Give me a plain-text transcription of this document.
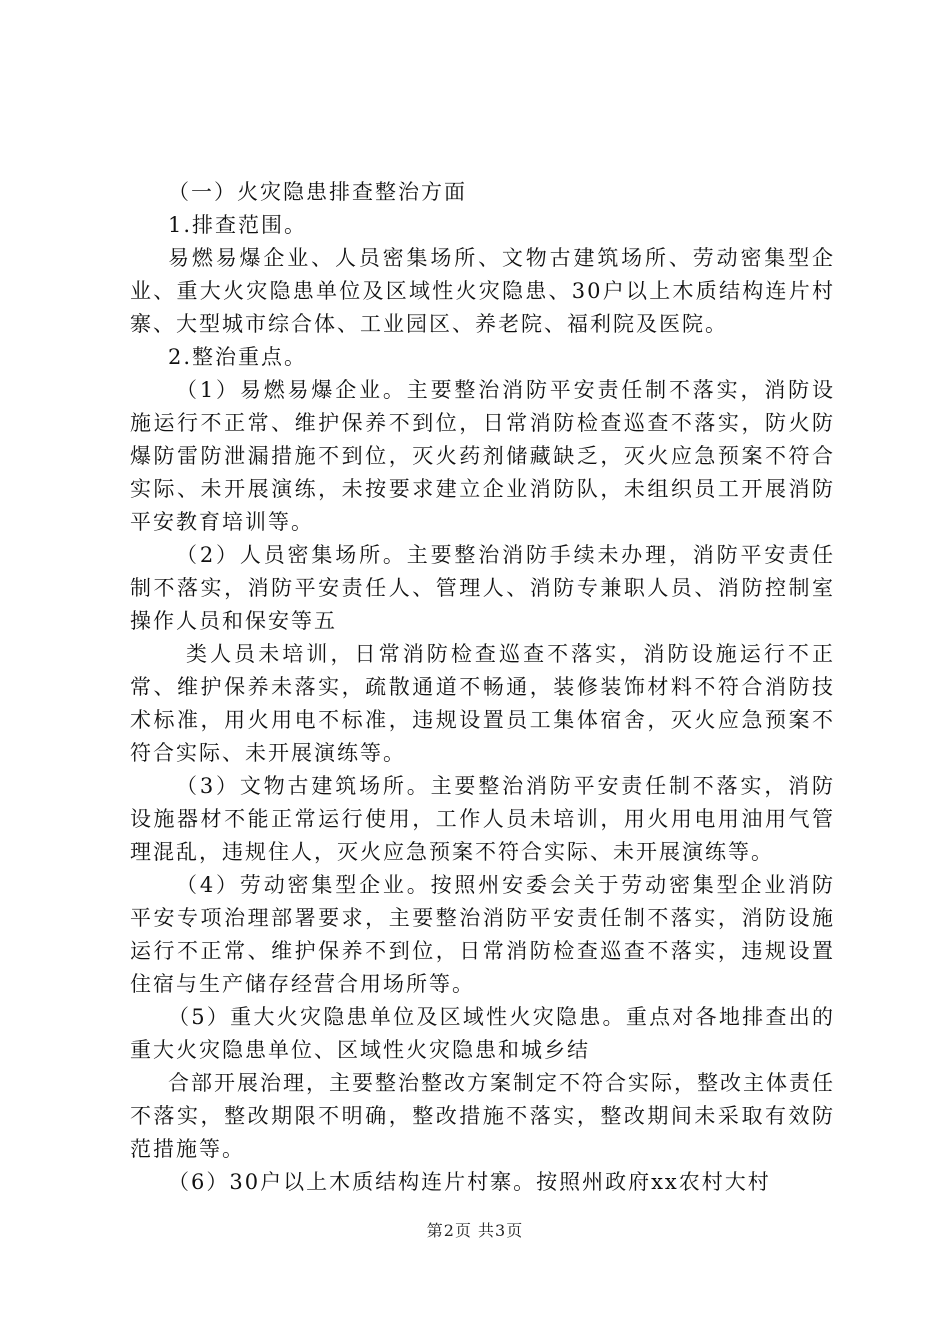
（一）火灾隐患排查整治方面

1.排查范围。

易燃易爆企业、人员密集场所、文物古建筑场所、劳动密集型企业、重大火灾隐患单位及区域性火灾隐患、30户以上木质结构连片村寨、大型城市综合体、工业园区、养老院、福利院及医院。

2.整治重点。

（1）易燃易爆企业。主要整治消防平安责任制不落实，消防设施运行不正常、维护保养不到位，日常消防检查巡查不落实，防火防爆防雷防泄漏措施不到位，灭火药剂储藏缺乏，灭火应急预案不符合实际、未开展演练，未按要求建立企业消防队，未组织员工开展消防平安教育培训等。

（2）人员密集场所。主要整治消防手续未办理，消防平安责任制不落实，消防平安责任人、管理人、消防专兼职人员、消防控制室操作人员和保安等五

类人员未培训，日常消防检查巡查不落实，消防设施运行不正常、维护保养未落实，疏散通道不畅通，装修装饰材料不符合消防技术标准，用火用电不标准，违规设置员工集体宿舍，灭火应急预案不符合实际、未开展演练等。

（3）文物古建筑场所。主要整治消防平安责任制不落实，消防设施器材不能正常运行使用，工作人员未培训，用火用电用油用气管理混乱，违规住人，灭火应急预案不符合实际、未开展演练等。

（4）劳动密集型企业。按照州安委会关于劳动密集型企业消防平安专项治理部署要求，主要整治消防平安责任制不落实，消防设施运行不正常、维护保养不到位，日常消防检查巡查不落实，违规设置住宿与生产储存经营合用场所等。

（5）重大火灾隐患单位及区域性火灾隐患。重点对各地排查出的重大火灾隐患单位、区域性火灾隐患和城乡结

合部开展治理，主要整治整改方案制定不符合实际，整改主体责任不落实，整改期限不明确，整改措施不落实，整改期间未采取有效防范措施等。

（6）30户以上木质结构连片村寨。按照州政府xx农村大村

第2页 共3页
